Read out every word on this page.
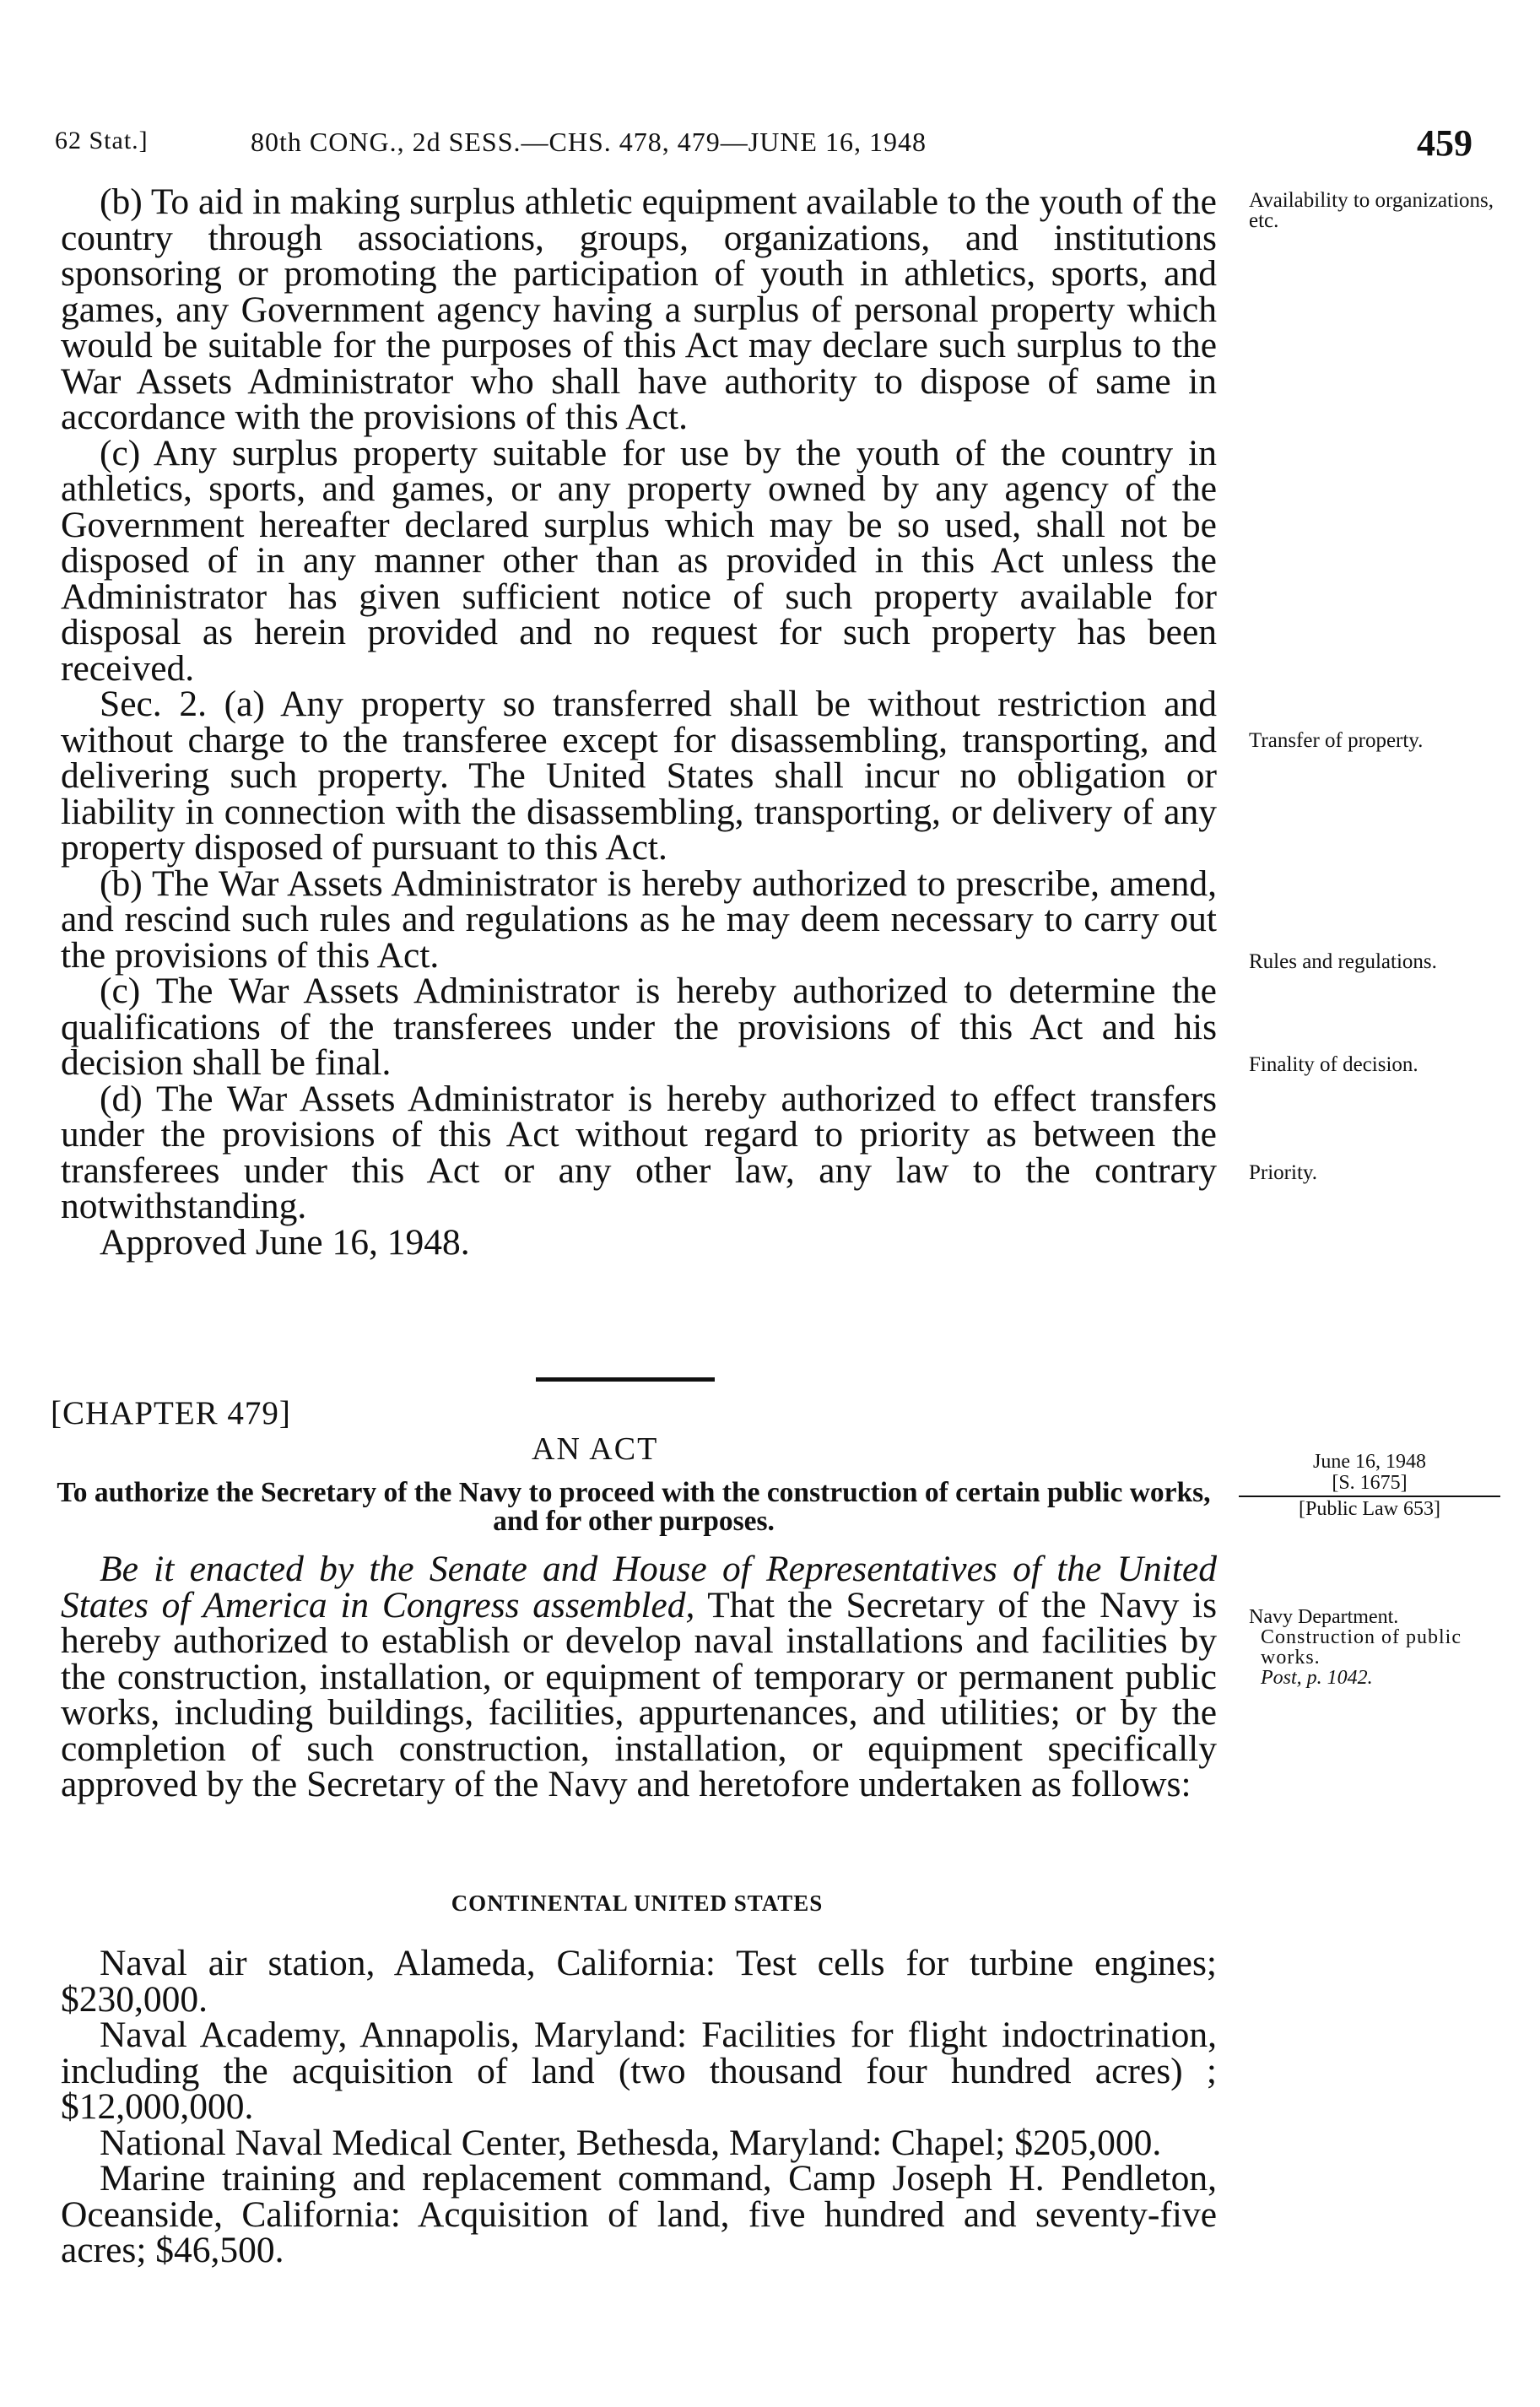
62 Stat.]	80th CONG., 2d SESS.—CHS. 478, 479—JUNE 16, 1948	459

(b) To aid in making surplus athletic equipment available to the youth of the country through associations, groups, organizations, and institutions sponsoring or promoting the participation of youth in athletics, sports, and games, any Government agency having a surplus of personal property which would be suitable for the purposes of this Act may declare such surplus to the War Assets Administrator who shall have authority to dispose of same in accordance with the provisions of this Act.

(c) Any surplus property suitable for use by the youth of the country in athletics, sports, and games, or any property owned by any agency of the Government hereafter declared surplus which may be so used, shall not be disposed of in any manner other than as provided in this Act unless the Administrator has given sufficient notice of such property available for disposal as herein provided and no request for such property has been received.

Sec. 2. (a) Any property so transferred shall be without restriction and without charge to the transferee except for disassembling, transporting, and delivering such property. The United States shall incur no obligation or liability in connection with the disassembling, transporting, or delivery of any property disposed of pursuant to this Act.

(b) The War Assets Administrator is hereby authorized to prescribe, amend, and rescind such rules and regulations as he may deem necessary to carry out the provisions of this Act.

(c) The War Assets Administrator is hereby authorized to determine the qualifications of the transferees under the provisions of this Act and his decision shall be final.

(d) The War Assets Administrator is hereby authorized to effect transfers under the provisions of this Act without regard to priority as between the transferees under this Act or any other law, any law to the contrary notwithstanding.

Approved June 16, 1948.

Availability to organizations, etc.
Transfer of property.
Rules and regulations.
Finality of decision.
Priority.
[CHAPTER 479]
AN ACT
To authorize the Secretary of the Navy to proceed with the construction of certain public works, and for other purposes.
June 16, 1948
[S. 1675]
[Public Law 653]

Be it enacted by the Senate and House of Representatives of the United States of America in Congress assembled, That the Secretary of the Navy is hereby authorized to establish or develop naval installations and facilities by the construction, installation, or equipment of temporary or permanent public works, including buildings, facilities, appurtenances, and utilities; or by the completion of such construction, installation, or equipment specifically approved by the Secretary of the Navy and heretofore undertaken as follows:

Navy Department.
Construction of public works.
Post, p. 1042.
CONTINENTAL UNITED STATES

Naval air station, Alameda, California: Test cells for turbine engines; $230,000.

Naval Academy, Annapolis, Maryland: Facilities for flight indoctrination, including the acquisition of land (two thousand four hundred acres) ; $12,000,000.

National Naval Medical Center, Bethesda, Maryland: Chapel; $205,000.

Marine training and replacement command, Camp Joseph H. Pendleton, Oceanside, California: Acquisition of land, five hundred and seventy-five acres; $46,500.
